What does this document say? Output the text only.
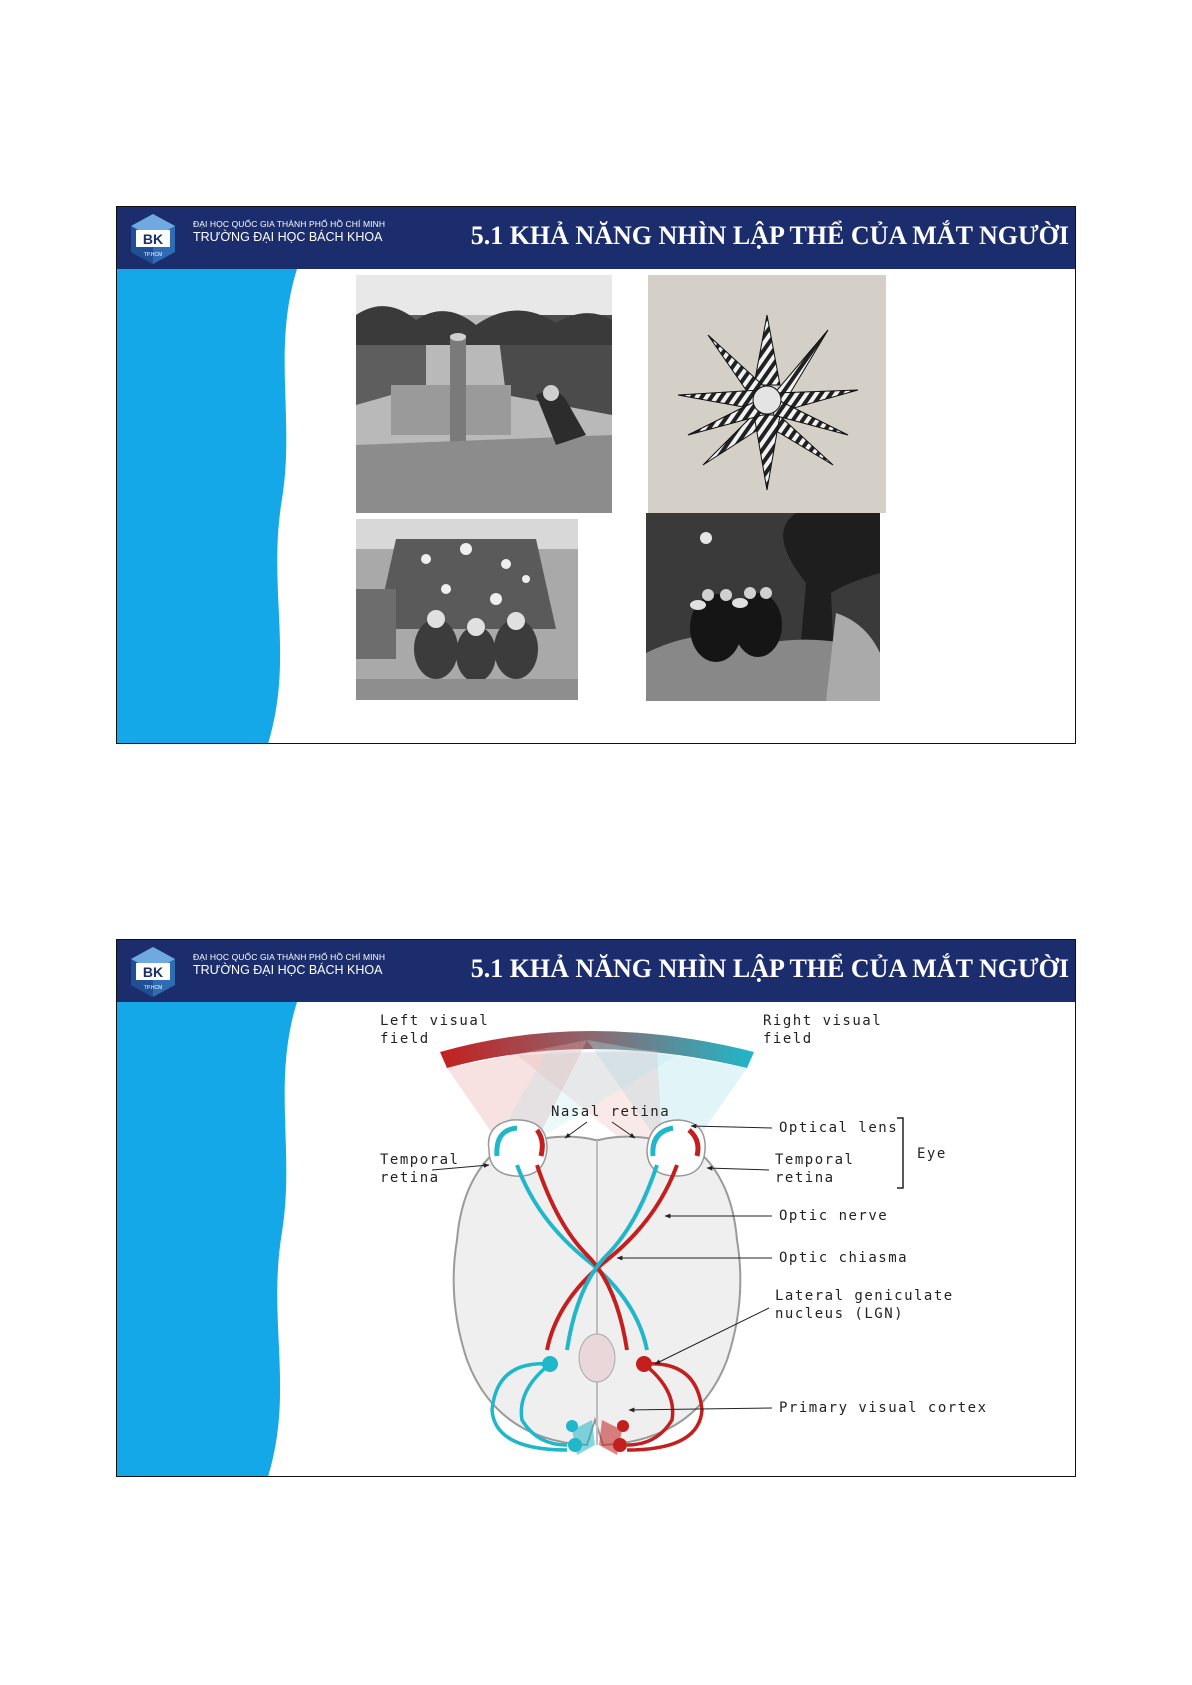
BK
TP.HCM
ĐẠI HỌC QUỐC GIA THÀNH PHỐ HỒ CHÍ MINH
TRƯỜNG ĐẠI HỌC BÁCH KHOA	5.1 KHẢ NĂNG NHÌN LẬP THỂ CỦA MẮT NGƯỜI
BK
TP.HCM
ĐẠI HỌC QUỐC GIA THÀNH PHỐ HỒ CHÍ MINH
TRƯỜNG ĐẠI HỌC BÁCH KHOA	5.1 KHẢ NĂNG NHÌN LẬP THỂ CỦA MẮT NGƯỜI
Left visual
field
Right visual
field
Nasal retina
Temporal
retina
Optical lens
Temporal
retina
Eye
Optic nerve
Optic chiasma
Lateral geniculate
nucleus (LGN)
Primary visual cortex
